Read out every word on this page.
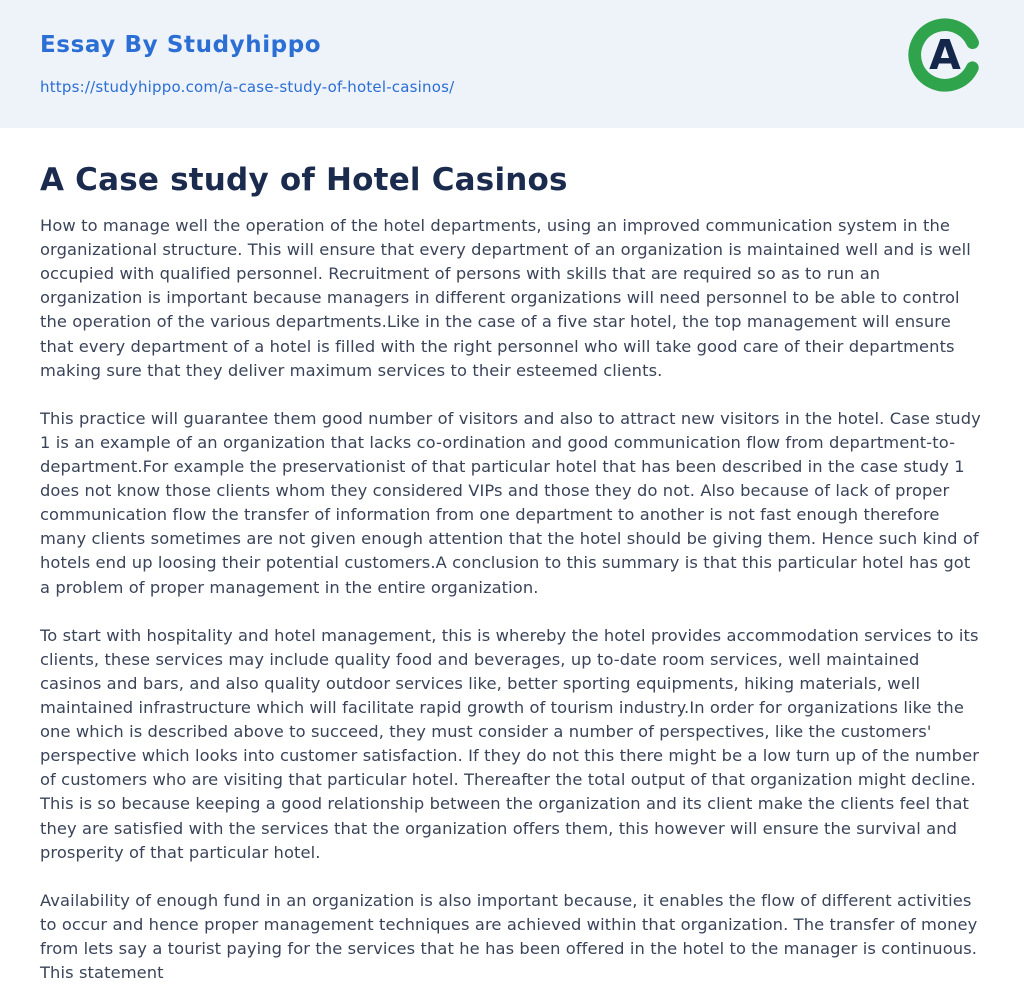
Essay By Studyhippo
https://studyhippo.com/a-case-study-of-hotel-casinos/
A
A Case study of Hotel Casinos

How to manage well the operation of the hotel departments, using an improved communication system in the organizational structure. This will ensure that every department of an organization is maintained well and is well occupied with qualified personnel. Recruitment of persons with skills that are required so as to run an organization is important because managers in different organizations will need personnel to be able to control the operation of the various departments.Like in the case of a five star hotel, the top management will ensure that every department of a hotel is filled with the right personnel who will take good care of their departments making sure that they deliver maximum services to their esteemed clients.

This practice will guarantee them good number of visitors and also to attract new visitors in the hotel. Case study 1 is an example of an organization that lacks co-ordination and good communication flow from department-to-department.For example the preservationist of that particular hotel that has been described in the case study 1 does not know those clients whom they considered VIPs and those they do not. Also because of lack of proper communication flow the transfer of information from one department to another is not fast enough therefore many clients sometimes are not given enough attention that the hotel should be giving them. Hence such kind of hotels end up loosing their potential customers.A conclusion to this summary is that this particular hotel has got a problem of proper management in the entire organization.

To start with hospitality and hotel management, this is whereby the hotel provides accommodation services to its clients, these services may include quality food and beverages, up to-date room services, well maintained casinos and bars, and also quality outdoor services like, better sporting equipments, hiking materials, well maintained infrastructure which will facilitate rapid growth of tourism industry.In order for organizations like the one which is described above to succeed, they must consider a number of perspectives, like the customers' perspective which looks into customer satisfaction. If they do not this there might be a low turn up of the number of customers who are visiting that particular hotel. Thereafter the total output of that organization might decline. This is so because keeping a good relationship between the organization and its client make the clients feel that they are satisfied with the services that the organization offers them, this however will ensure the survival and prosperity of that particular hotel.

Availability of enough fund in an organization is also important because, it enables the flow of different activities to occur and hence proper management techniques are achieved within that organization. The transfer of money from lets say a tourist paying for the services that he has been offered in the hotel to the manager is continuous. This statement
